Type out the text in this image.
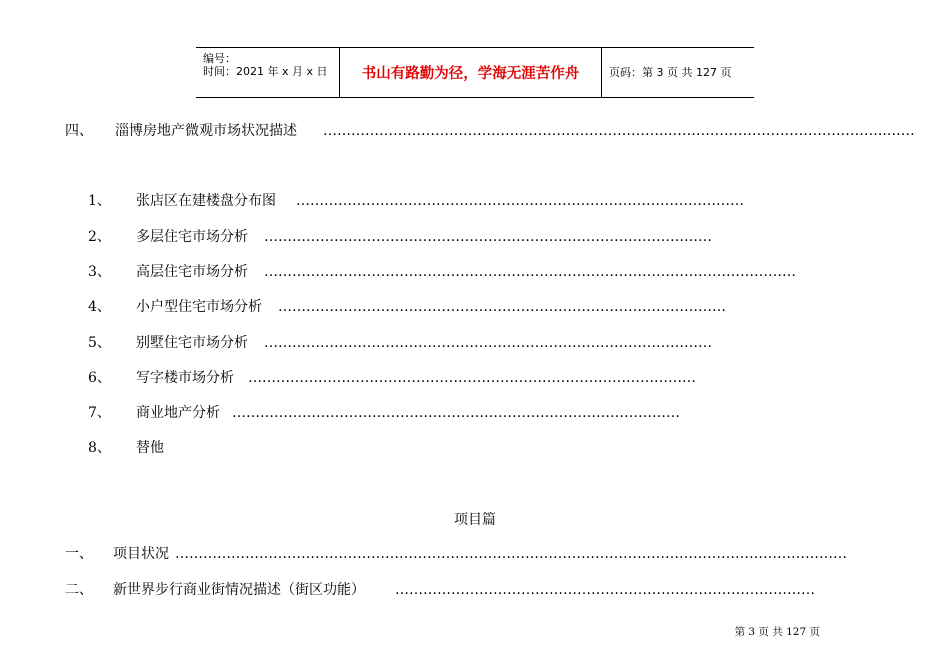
编号：
时间：2021 年 x 月 x 日	书山有路勤为径，学海无涯苦作舟	页码：第 3 页 共 127 页
四、 淄博房地产微观市场状况描述 ………………………………………………………………..………………………………………..……
1、 张店区在建楼盘分布图 ……………………………………………………………………………………
2、 多层住宅市场分析 ……………………………………………………………………………………
3、 高层住宅市场分析 ……………………………………………………………………………………………………
4、 小户型住宅市场分析 ……………………………………………………………………………………
5、 别墅住宅市场分析 ……………………………………………………………………………………
6、 写字楼市场分析 ……………………………………………………………………………………
7、 商业地产分析 ……………………………………………………………………………………
8、 替他
项目篇
一、 项目状况 ………………………………………………………………………………………………………………………………
二、 新世界步行商业街情况描述（街区功能） ………………………………………………………………………………
第 3 页 共 127 页
